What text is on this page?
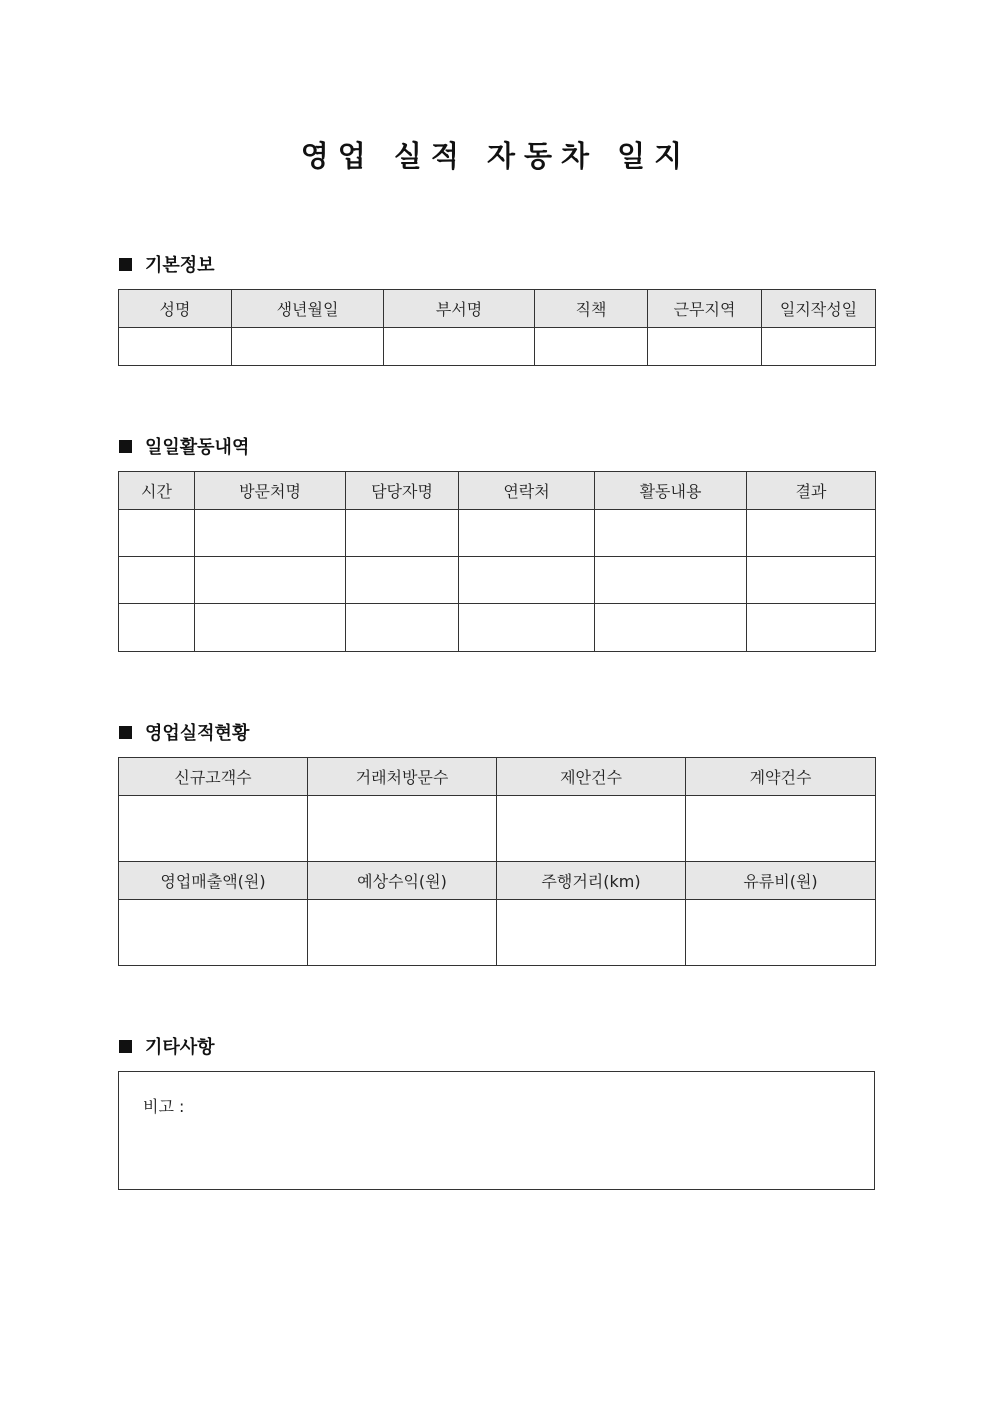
영업 실적 자동차 일지
기본정보
성명	생년월일	부서명	직책	근무지역	일지작성일

일일활동내역
시간	방문처명	담당자명	연락처	활동내용	결과

영업실적현황
신규고객수	거래처방문수	제안건수	계약건수

영업매출액(원)	예상수익(원)	주행거리(km)	유류비(원)

기타사항
비고 :
